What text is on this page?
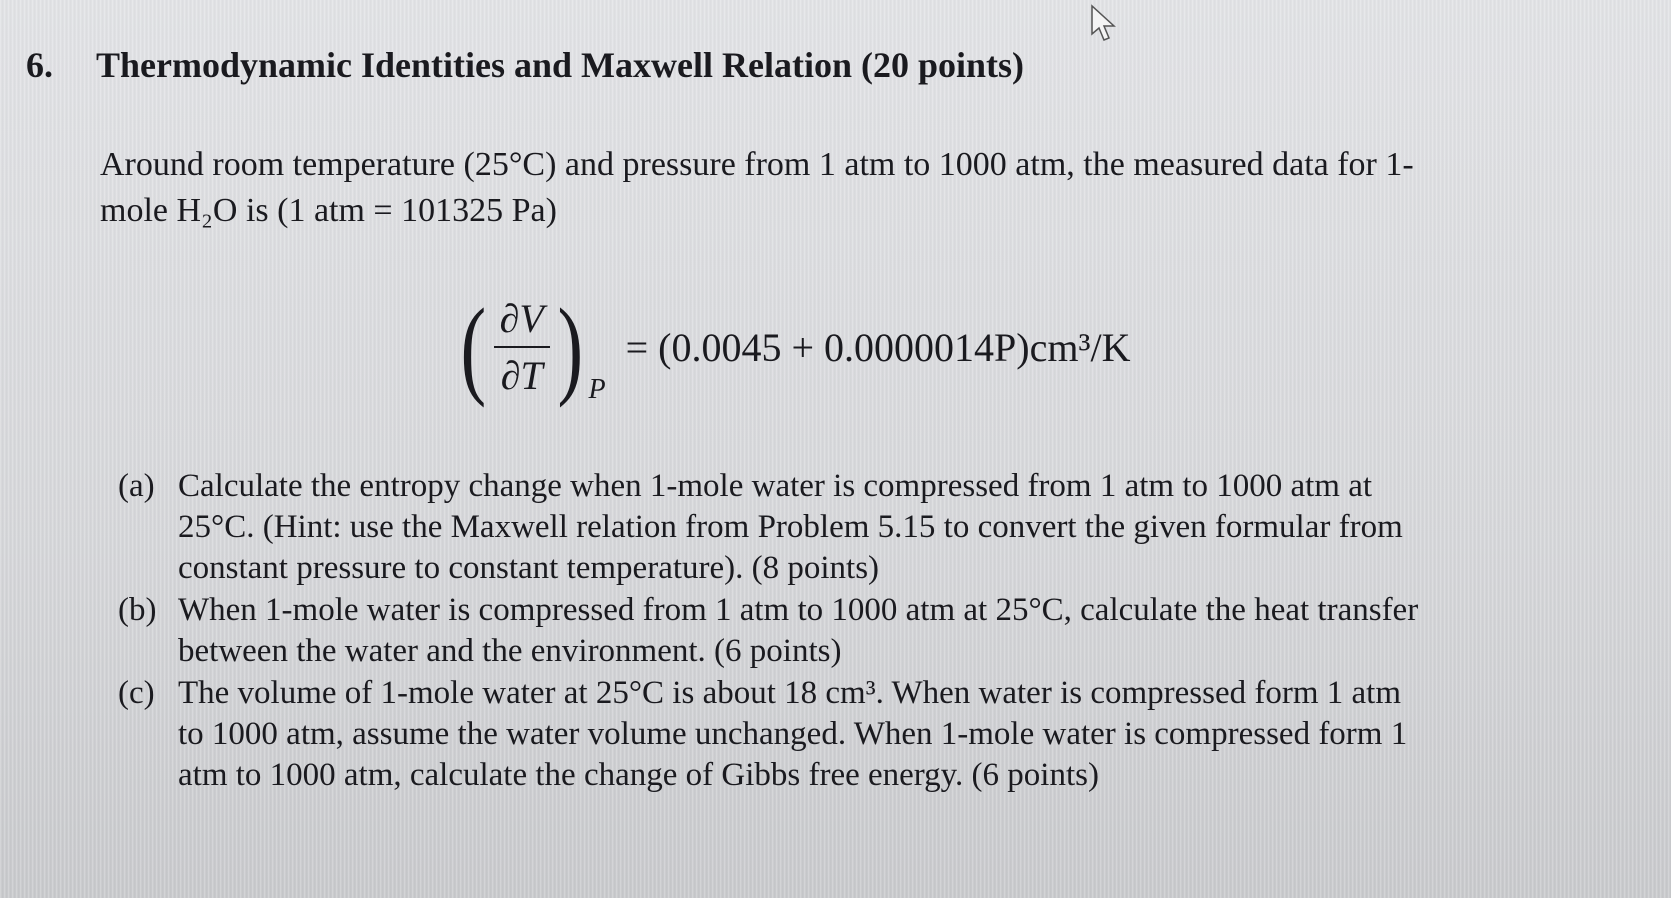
6. Thermodynamic Identities and Maxwell Relation (20 points)
Around room temperature (25°C) and pressure from 1 atm to 1000 atm, the measured data for 1-
mole H₂O is (1 atm = 101325 Pa)
( $\frac{\partial V}{\partial T}$ ) P
= (0.0045 + 0.0000014P)cm³/K
(a) Calculate the entropy change when 1-mole water is compressed from 1 atm to 1000 atm at
25°C. (Hint: use the Maxwell relation from Problem 5.15 to convert the given formular from
constant pressure to constant temperature). (8 points)
(b) When 1-mole water is compressed from 1 atm to 1000 atm at 25°C, calculate the heat transfer
between the water and the environment. (6 points)
(c) The volume of 1-mole water at 25°C is about 18 cm³. When water is compressed form 1 atm
to 1000 atm, assume the water volume unchanged. When 1-mole water is compressed form 1
atm to 1000 atm, calculate the change of Gibbs free energy. (6 points)
